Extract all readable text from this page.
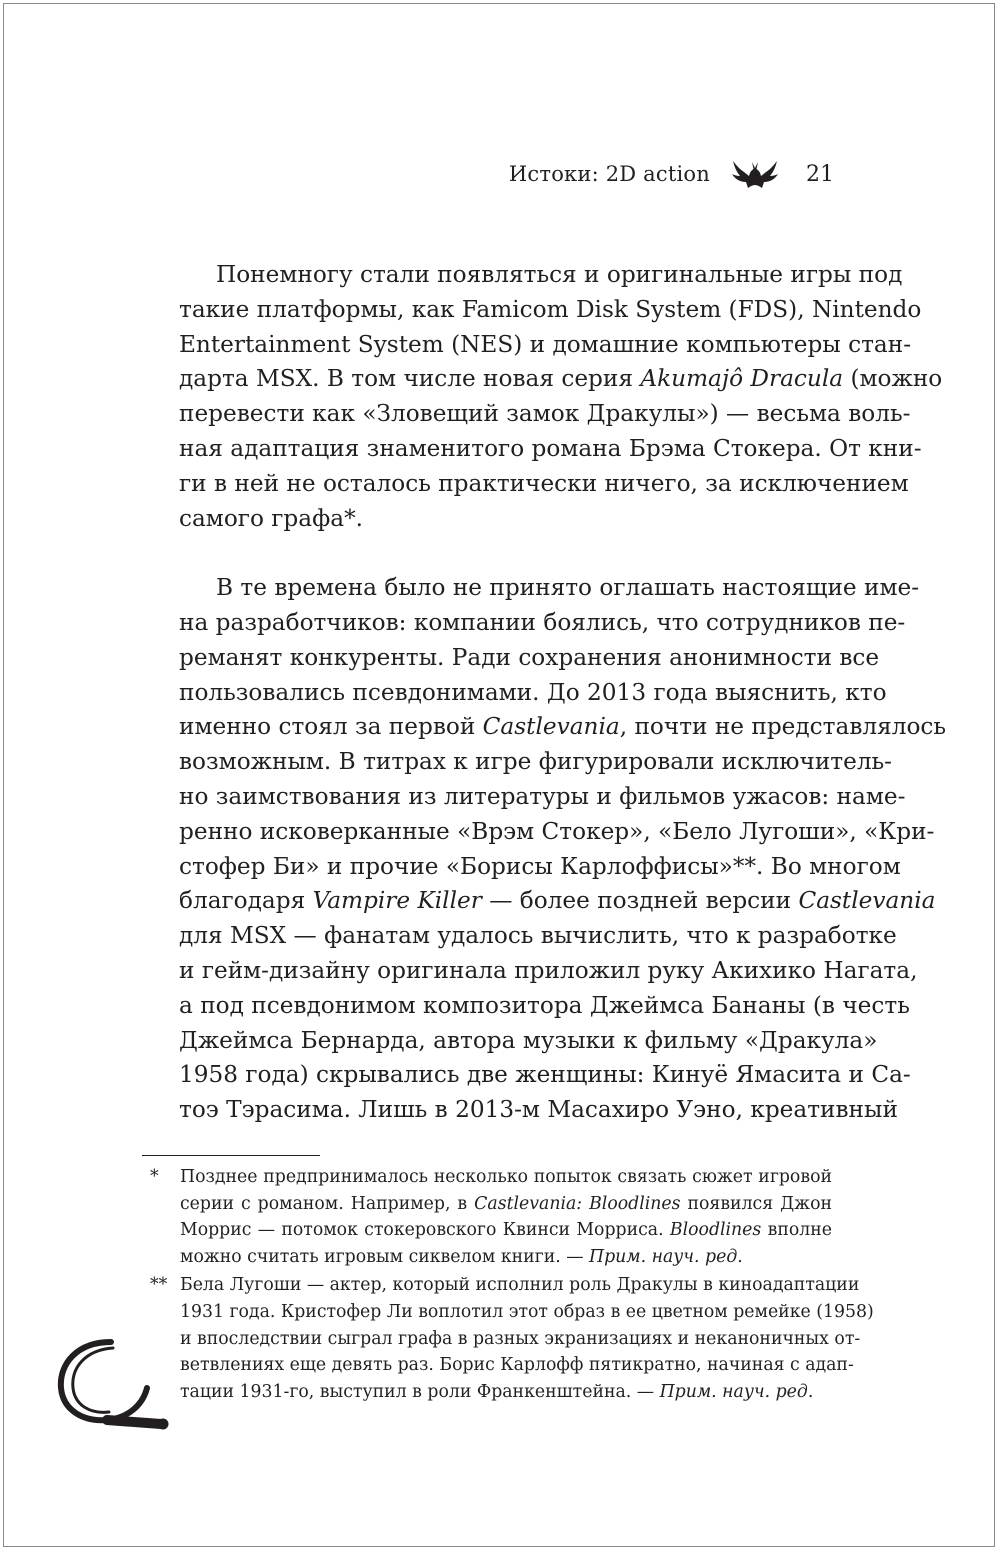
Истоки: 2D action	21

Понемногу стали появляться и оригинальные игры под
такие платформы, как Famicom Disk System (FDS), Nintendo
Entertainment System (NES) и домашние компьютеры стан-
дарта MSX. В том числе новая серия Akumajô Dracula (можно
перевести как «Зловещий замок Дракулы») — весьма воль-
ная адаптация знаменитого романа Брэма Стокера. От кни-
ги в ней не осталось практически ничего, за исключением
самого графа*.

В те времена было не принято оглашать настоящие име-
на разработчиков: компании боялись, что сотрудников пе-
реманят конкуренты. Ради сохранения анонимности все
пользовались псевдонимами. До 2013 года выяснить, кто
именно стоял за первой Castlevania, почти не представлялось
возможным. В титрах к игре фигурировали исключитель-
но заимствования из литературы и фильмов ужасов: наме-
ренно исковерканные «Врэм Стокер», «Бело Лугоши», «Кри-
стофер Би» и прочие «Борисы Карлоффисы»**. Во многом
благодаря Vampire Killer — более поздней версии Castlevania
для MSX — фанатам удалось вычислить, что к разработке
и гейм-дизайну оригинала приложил руку Акихико Нагата,
а под псевдонимом композитора Джеймса Бананы (в честь
Джеймса Бернарда, автора музыки к фильму «Дракула»
1958 года) скрывались две женщины: Кинуё Ямасита и Са-
тоэ Тэрасима. Лишь в 2013-м Масахиро Уэно, креативный

* Позднее предпринималось несколько попыток связать сюжет игровой
серии с романом. Например, в Castlevania: Bloodlines появился Джон
Моррис — потомок стокеровского Квинси Морриса. Bloodlines вполне
можно считать игровым сиквелом книги. — Прим. науч. ред.
** Бела Лугоши — актер, который исполнил роль Дракулы в киноадаптации
1931 года. Кристофер Ли воплотил этот образ в ее цветном ремейке (1958)
и впоследствии сыграл графа в разных экранизациях и неканоничных от-
ветвлениях еще девять раз. Борис Карлофф пятикратно, начиная с адап-
тации 1931-го, выступил в роли Франкенштейна. — Прим. науч. ред.
